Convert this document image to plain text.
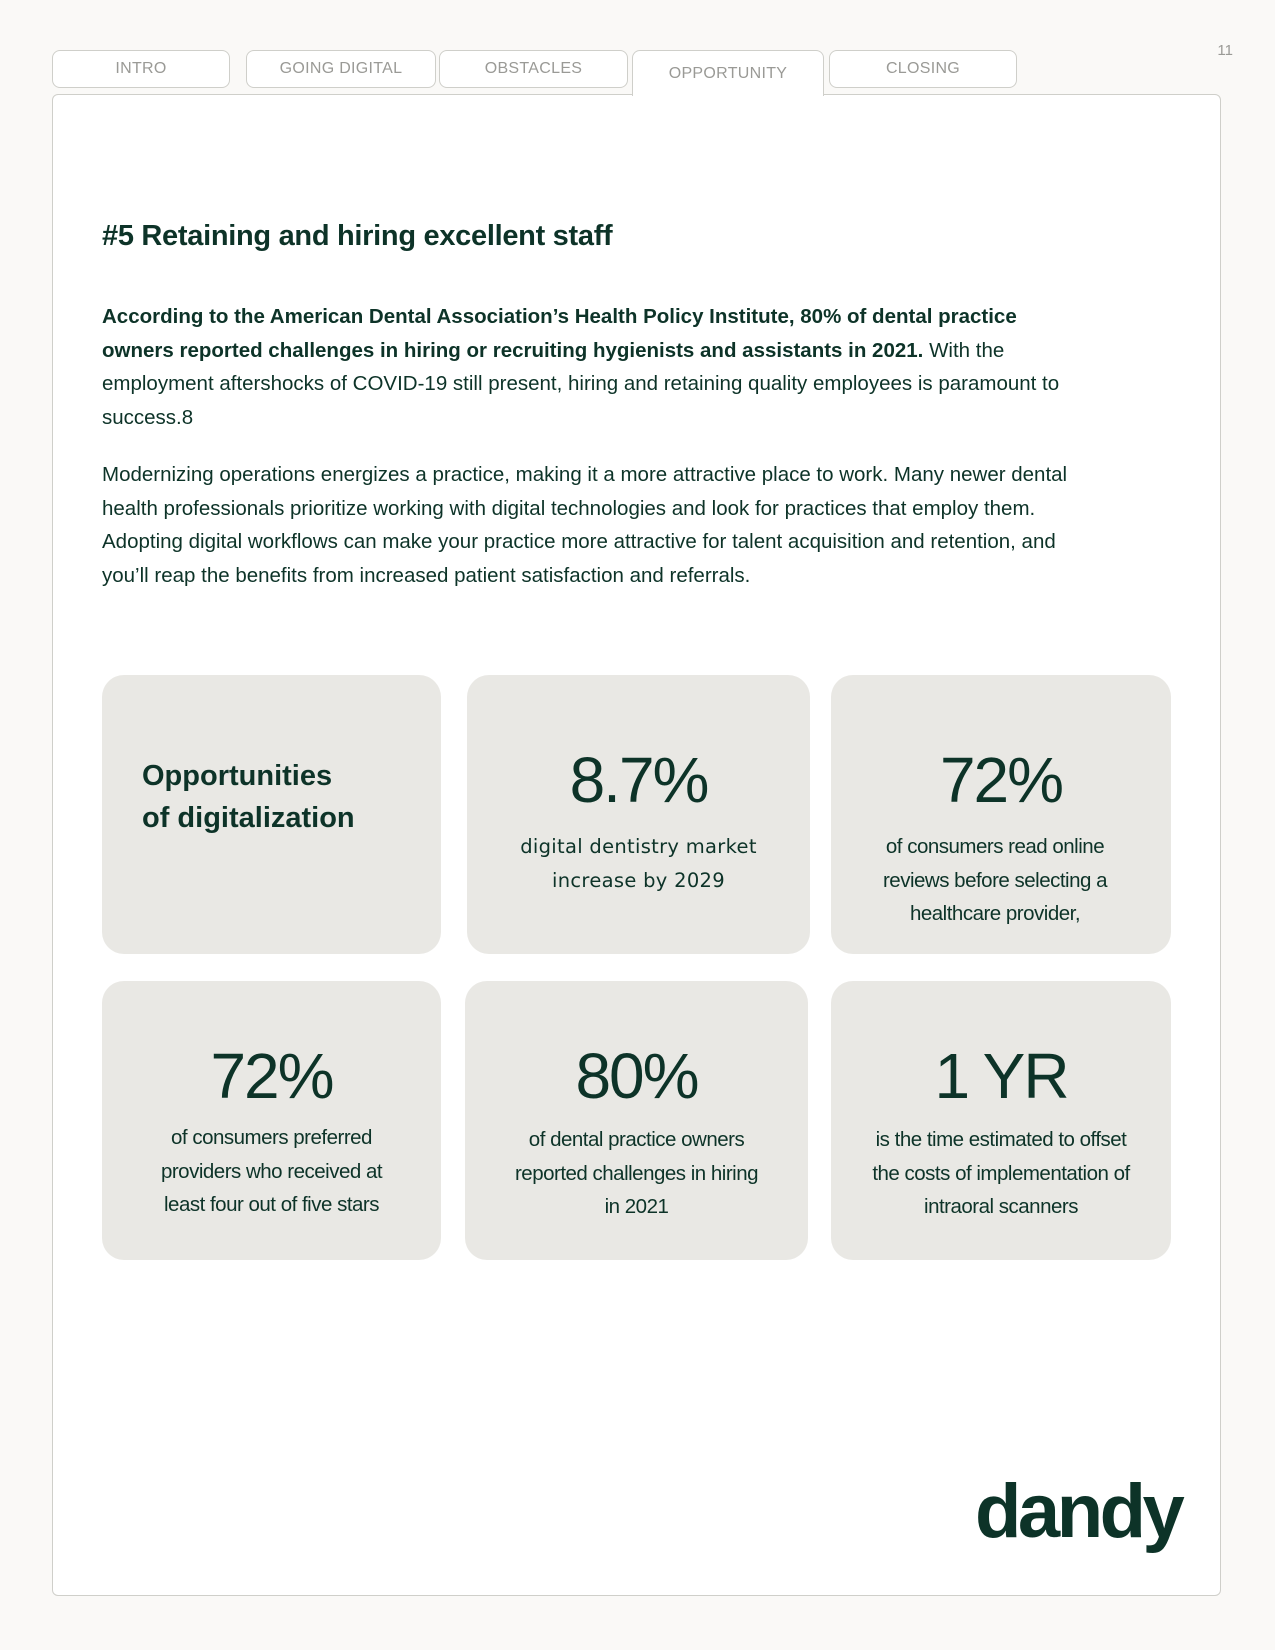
11
INTRO	GOING DIGITAL	OBSTACLES	OPPORTUNITY	CLOSING
#5 Retaining and hiring excellent staff

According to the American Dental Association’s Health Policy Institute, 80% of dental practice owners reported challenges in hiring or recruiting hygienists and assistants in 2021. With the employment aftershocks of COVID-19 still present, hiring and retaining quality employees is paramount to success.8

Modernizing operations energizes a practice, making it a more attractive place to work. Many newer dental health professionals prioritize working with digital technologies and look for practices that employ them. Adopting digital workflows can make your practice more attractive for talent acquisition and retention, and you’ll reap the benefits from increased patient satisfaction and referrals.

Opportunities
of digitalization
8.7%
digital dentistry market
increase by 2029
72%
of consumers read online
reviews before selecting a
healthcare provider,
72%
of consumers preferred
providers who received at
least four out of five stars
80%
of dental practice owners
reported challenges in hiring
in 2021
1 YR
is the time estimated to offset
the costs of implementation of
intraoral scanners
dandy
